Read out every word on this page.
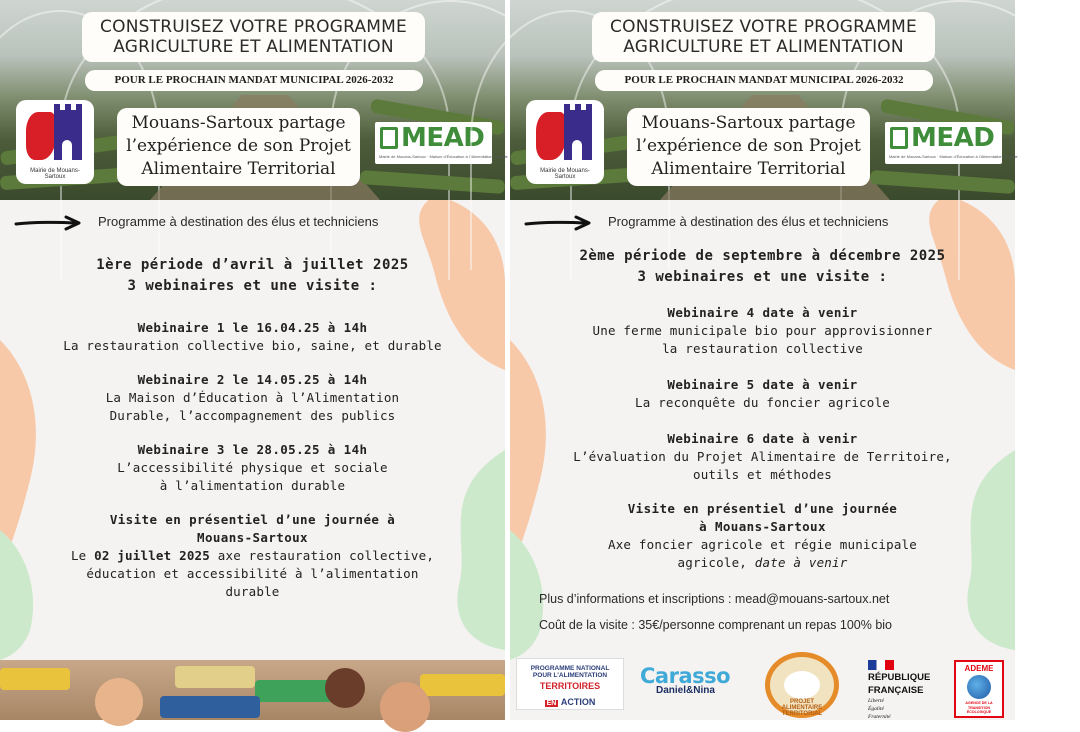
CONSTRUISEZ VOTRE PROGRAMME
AGRICULTURE ET ALIMENTATION
POUR LE PROCHAIN MANDAT MUNICIPAL 2026-2032
Mairie de Mouans-Sartoux
Mouans-Sartoux partage
l’expérience de son Projet
Alimentaire Territorial
MEAD
Mairie de Mouans-Sartoux · Maison d’Éducation à l’Alimentation Durable
Programme à destination des élus et techniciens
1ère période d’avril à juillet 2025
3 webinaires et une visite :
Webinaire 1 le 16.04.25 à 14h
La restauration collective bio, saine, et durable
Webinaire 2 le 14.05.25 à 14h
La Maison d’Éducation à l’Alimentation
Durable, l’accompagnement des publics
Webinaire 3 le 28.05.25 à 14h
L’accessibilité physique et sociale
à l’alimentation durable
Visite en présentiel d’une journée à
Mouans-Sartoux
Le 02 juillet 2025 axe restauration collective,
éducation et accessibilité à l’alimentation
durable
CONSTRUISEZ VOTRE PROGRAMME
AGRICULTURE ET ALIMENTATION
POUR LE PROCHAIN MANDAT MUNICIPAL 2026-2032
Mairie de Mouans-Sartoux
Mouans-Sartoux partage
l’expérience de son Projet
Alimentaire Territorial
MEAD
Mairie de Mouans-Sartoux · Maison d’Éducation à l’Alimentation Durable
Programme à destination des élus et techniciens
2ème période de septembre à décembre 2025
3 webinaires et une visite :
Webinaire 4 date à venir
Une ferme municipale bio pour approvisionner
la restauration collective
Webinaire 5 date à venir
La reconquête du foncier agricole
Webinaire 6 date à venir
L’évaluation du Projet Alimentaire de Territoire,
outils et méthodes
Visite en présentiel d’une journée
à Mouans-Sartoux
Axe foncier agricole et régie municipale
agricole, date à venir
Plus d’informations et inscriptions : mead@mouans-sartoux.net
Coût de la visite : 35€/personne comprenant un repas 100% bio
PROGRAMME NATIONAL
POUR L’ALIMENTATION
TERRITOIRES
EN ACTION
Carasso
Daniel&Nina
PROJET ALIMENTAIRE TERRITORIAL
RÉPUBLIQUE
FRANÇAISE
Liberté
Égalité
Fraternité
ADEME
AGENCE DE LA TRANSITION ÉCOLOGIQUE
